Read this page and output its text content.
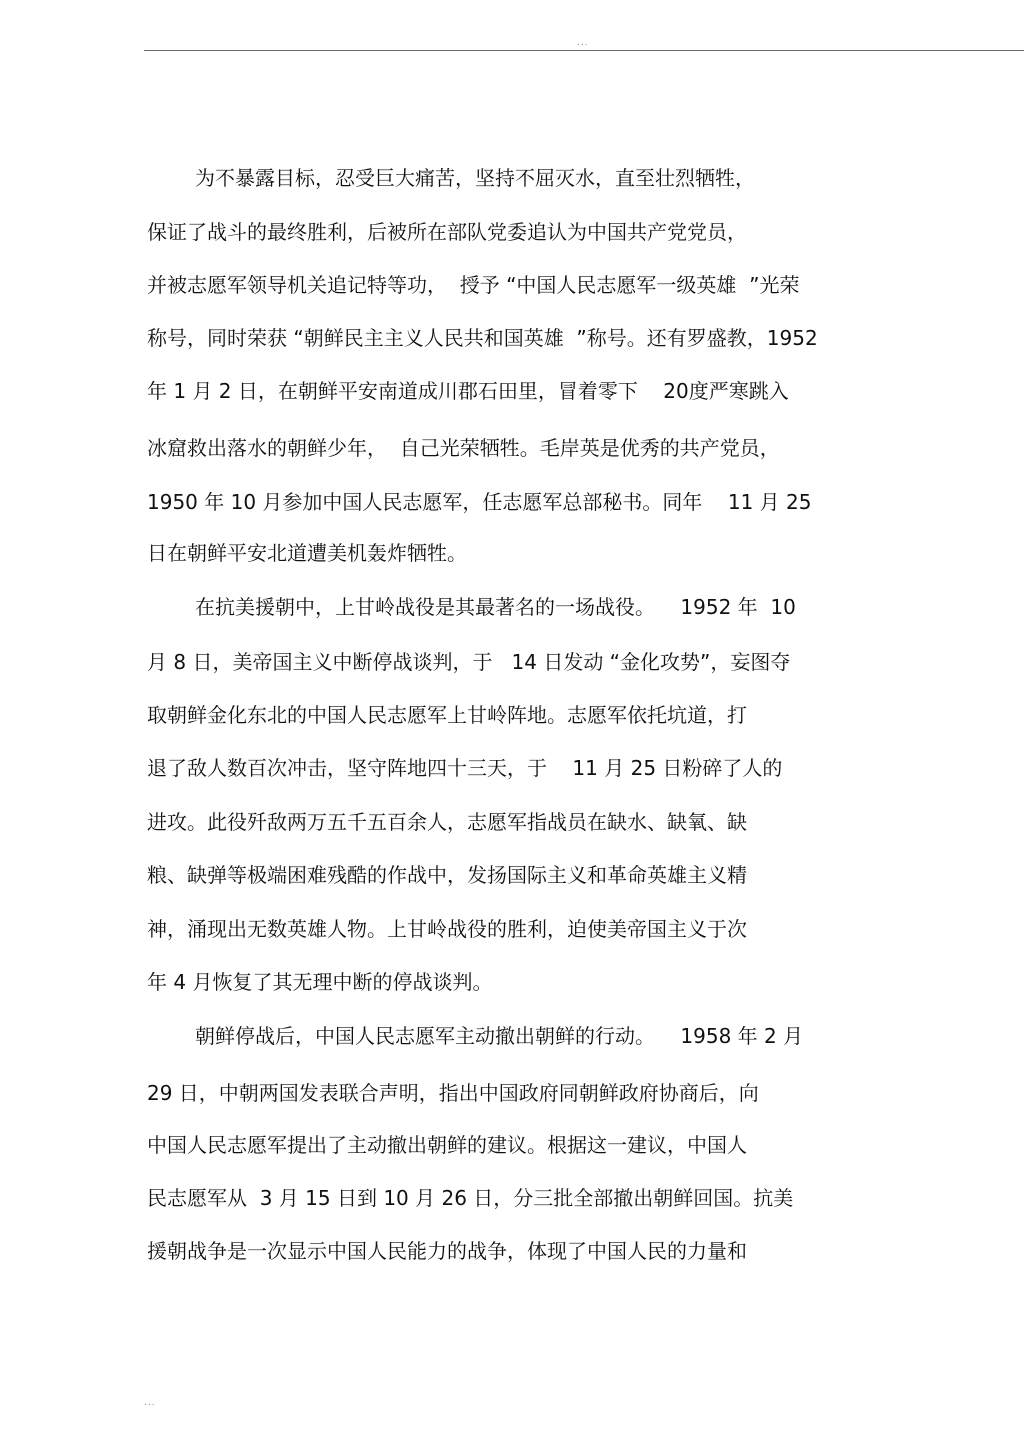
...
为不暴露目标，忍受巨大痛苦，坚持不屈灭水，直至壮烈牺牲，
保证了战斗的最终胜利，后被所在部队党委追认为中国共产党党员，
并被志愿军领导机关追记特等功，  授予 “中国人民志愿军一级英雄  ”光荣
称号，同时荣获 “朝鲜民主主义人民共和国英雄  ”称号。还有罗盛教，1952
年 1 月 2 日，在朝鲜平安南道成川郡石田里，冒着零下    20度严寒跳入
冰窟救出落水的朝鲜少年，  自己光荣牺牲。毛岸英是优秀的共产党员，
1950 年 10 月参加中国人民志愿军，任志愿军总部秘书。同年    11 月 25
日在朝鲜平安北道遭美机轰炸牺牲。
在抗美援朝中，上甘岭战役是其最著名的一场战役。    1952 年  10
月 8 日，美帝国主义中断停战谈判，于   14 日发动 “金化攻势”，妄图夺
取朝鲜金化东北的中国人民志愿军上甘岭阵地。志愿军依托坑道，打
退了敌人数百次冲击，坚守阵地四十三天，于    11 月 25 日粉碎了人的
进攻。此役歼敌两万五千五百余人，志愿军指战员在缺水、缺氧、缺
粮、缺弹等极端困难残酷的作战中，发扬国际主义和革命英雄主义精
神，涌现出无数英雄人物。上甘岭战役的胜利，迫使美帝国主义于次
年 4 月恢复了其无理中断的停战谈判。
朝鲜停战后，中国人民志愿军主动撤出朝鲜的行动。    1958 年 2 月
29 日，中朝两国发表联合声明，指出中国政府同朝鲜政府协商后，向
中国人民志愿军提出了主动撤出朝鲜的建议。根据这一建议，中国人
民志愿军从  3 月 15 日到 10 月 26 日，分三批全部撤出朝鲜回国。抗美
援朝战争是一次显示中国人民能力的战争，体现了中国人民的力量和
...
